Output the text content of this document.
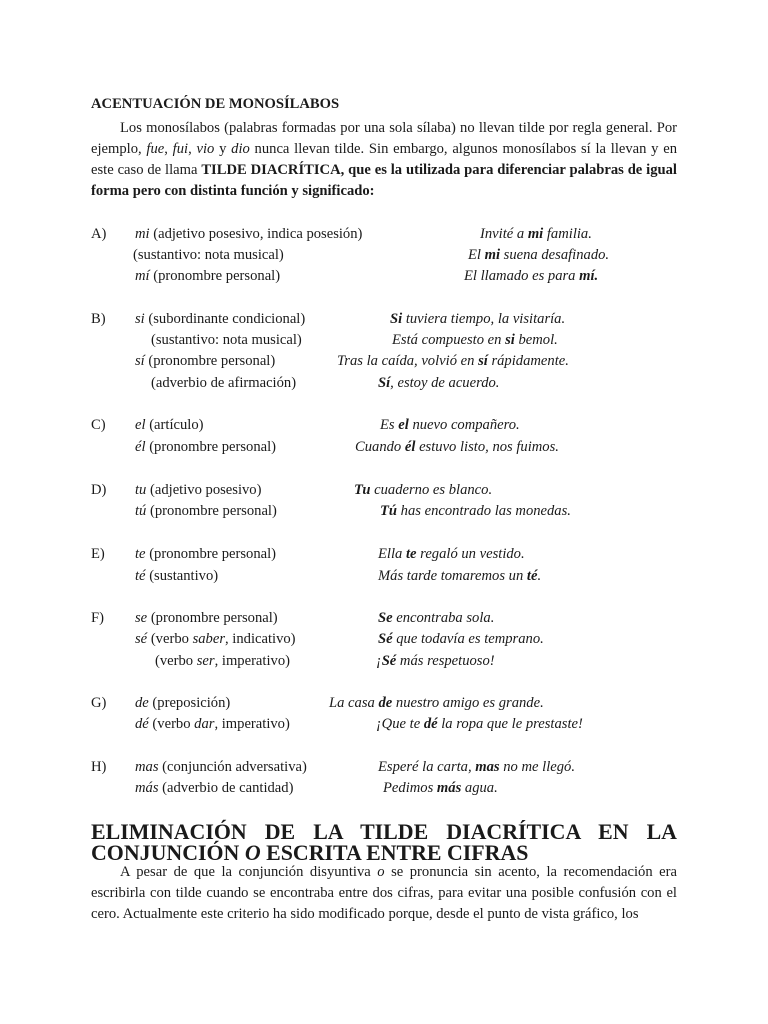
ACENTUACIÓN DE MONOSÍLABOS

Los monosílabos (palabras formadas por una sola sílaba) no llevan tilde por regla general. Por ejemplo, fue, fui, vio y dio nunca llevan tilde. Sin embargo, algunos monosílabos sí la llevan y en este caso de llama TILDE DIACRÍTICA, que es la utilizada para diferenciar palabras de igual forma pero con distinta función y significado:

A) mi (adjetivo posesivo, indica posesión)	Invité a mi familia.
(sustantivo: nota musical)	El mi suena desafinado.
mí (pronombre personal)	El llamado es para mí.
B) si (subordinante condicional)	Si tuviera tiempo, la visitaría.
(sustantivo: nota musical)	Está compuesto en si bemol.
sí (pronombre personal)	Tras la caída, volvió en sí rápidamente.
(adverbio de afirmación)	Sí, estoy de acuerdo.
C) el (artículo)	Es el nuevo compañero.
él (pronombre personal)	Cuando él estuvo listo, nos fuimos.
D) tu (adjetivo posesivo)	Tu cuaderno es blanco.
tú (pronombre personal)	Tú has encontrado las monedas.
E) te (pronombre personal)	Ella te regaló un vestido.
té (sustantivo)	Más tarde tomaremos un té.
F) se (pronombre personal)	Se encontraba sola.
sé (verbo saber, indicativo)	Sé que todavía es temprano.
(verbo ser, imperativo)	¡Sé más respetuoso!
G) de (preposición)	La casa de nuestro amigo es grande.
dé (verbo dar, imperativo)	¡Que te dé la ropa que le prestaste!
H) mas (conjunción adversativa)	Esperé la carta, mas no me llegó.
más (adverbio de cantidad)	Pedimos más agua.
ELIMINACIÓN DE LA TILDE DIACRÍTICA EN LA CONJUNCIÓN O ESCRITA ENTRE CIFRAS

A pesar de que la conjunción disyuntiva o se pronuncia sin acento, la recomendación era escribirla con tilde cuando se encontraba entre dos cifras, para evitar una posible confusión con el cero. Actualmente este criterio ha sido modificado porque, desde el punto de vista gráfico, los
